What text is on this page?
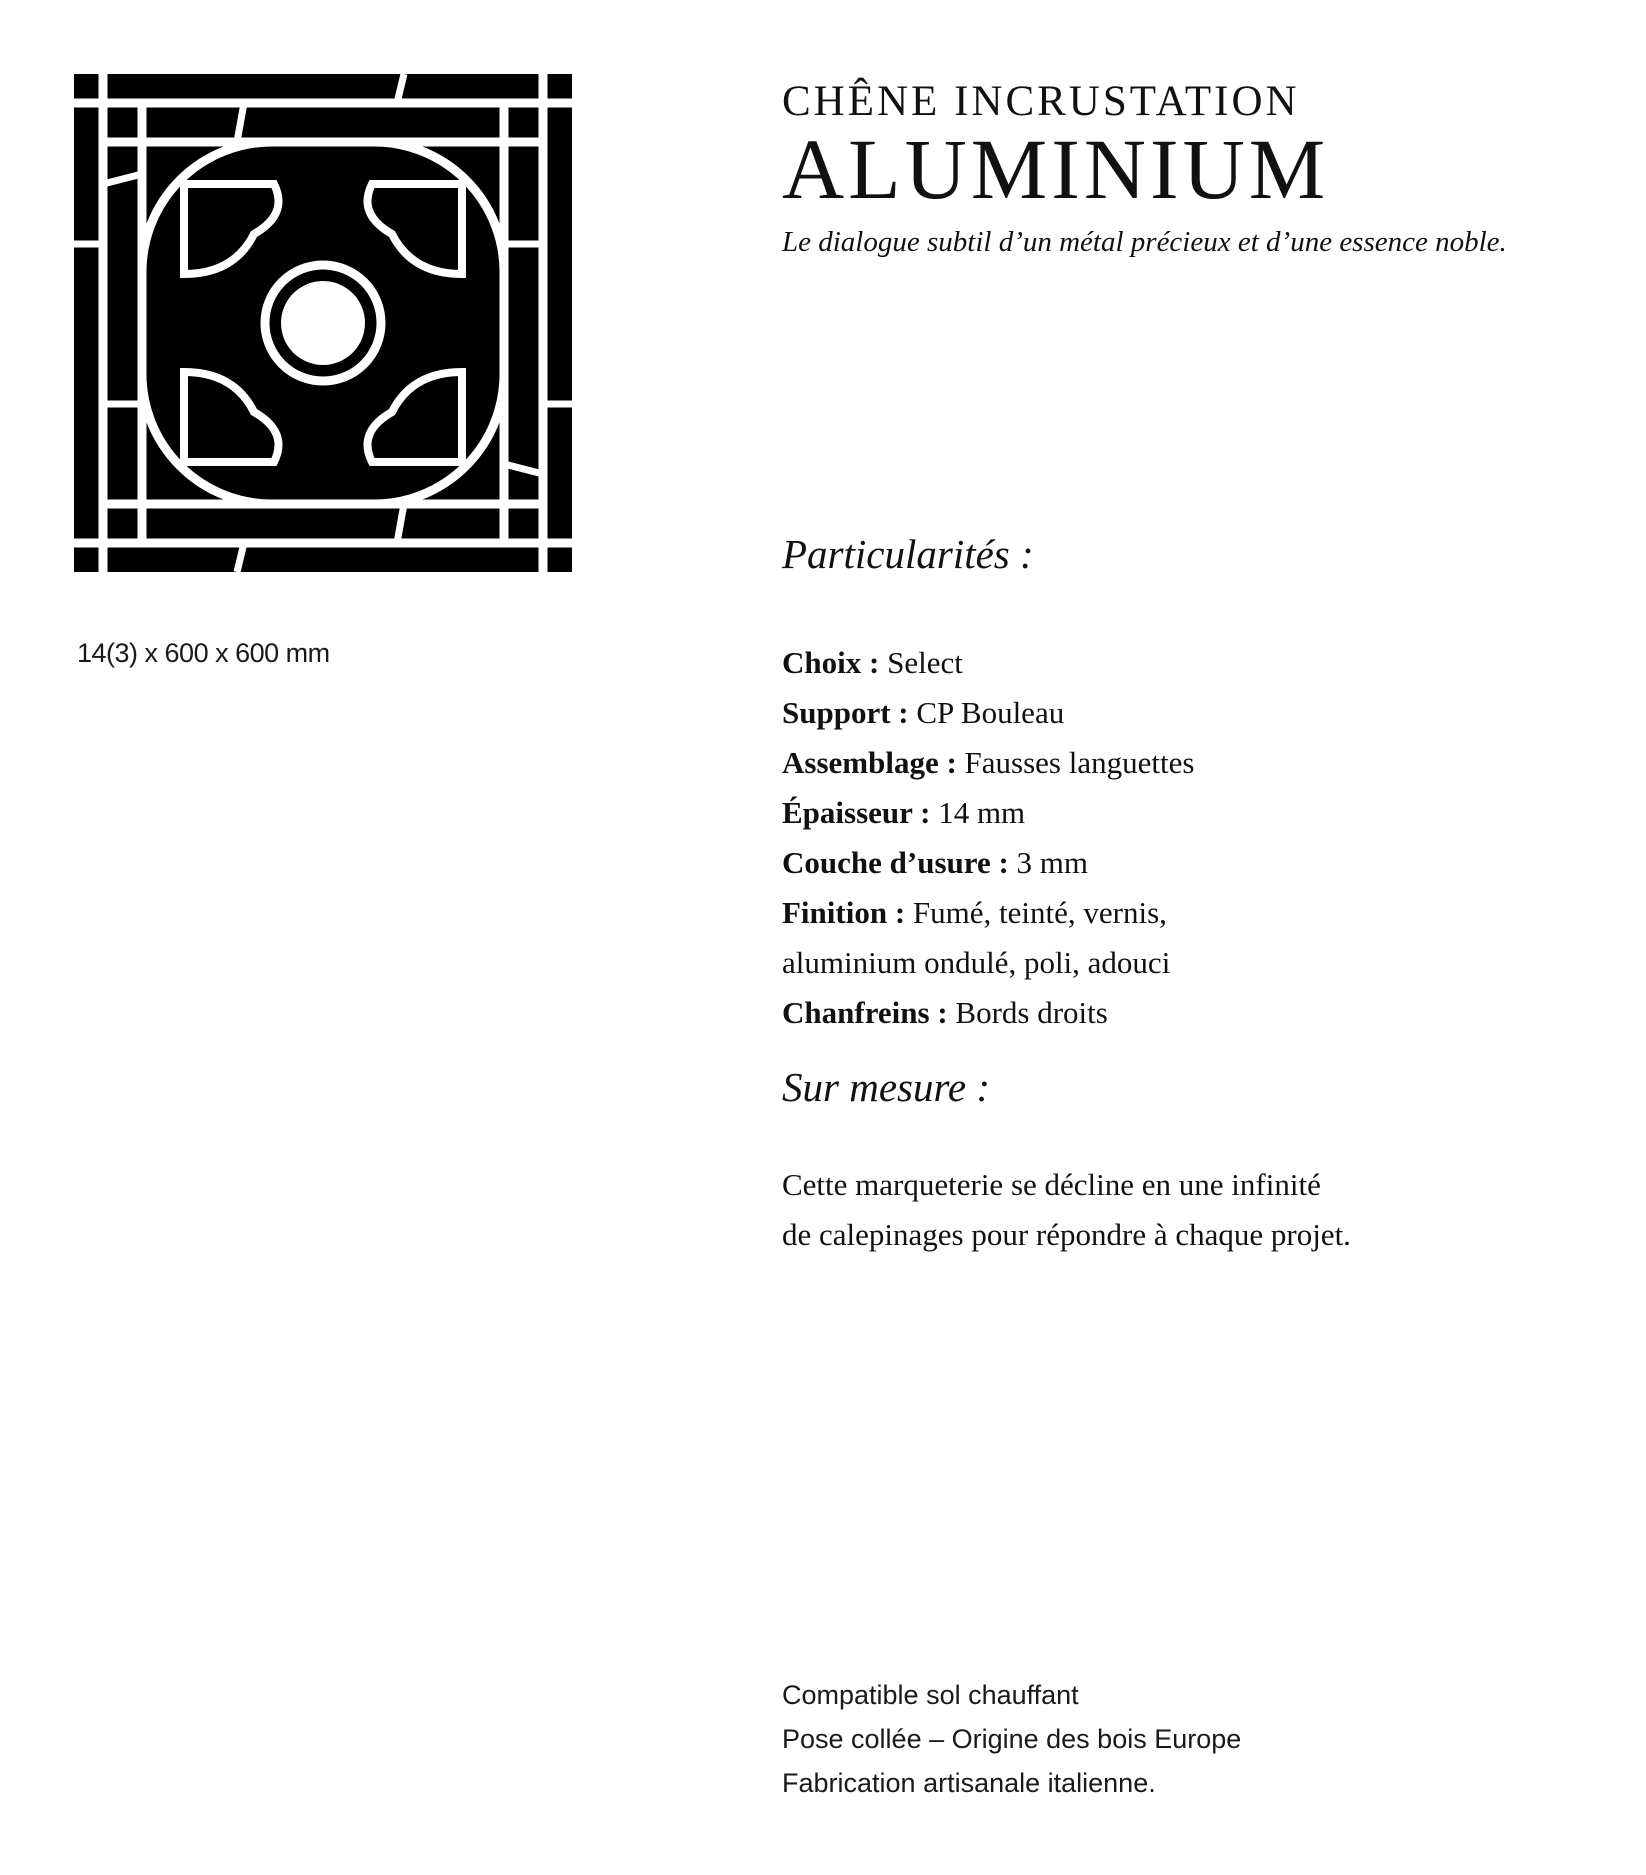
14(3) x 600 x 600 mm
CHÊNE INCRUSTATION
ALUMINIUM

Le dialogue subtil d’un métal précieux et d’une essence noble.

Particularités :
Choix : Select
Support : CP Bouleau
Assemblage : Fausses languettes
Épaisseur : 14 mm
Couche d’usure : 3 mm
Finition : Fumé, teinté, vernis,
aluminium ondulé, poli, adouci
Chanfreins : Bords droits
Sur mesure :

Cette marqueterie se décline en une infinité
de calepinages pour répondre à chaque projet.

Compatible sol chauffant
Pose collée – Origine des bois Europe
Fabrication artisanale italienne.
